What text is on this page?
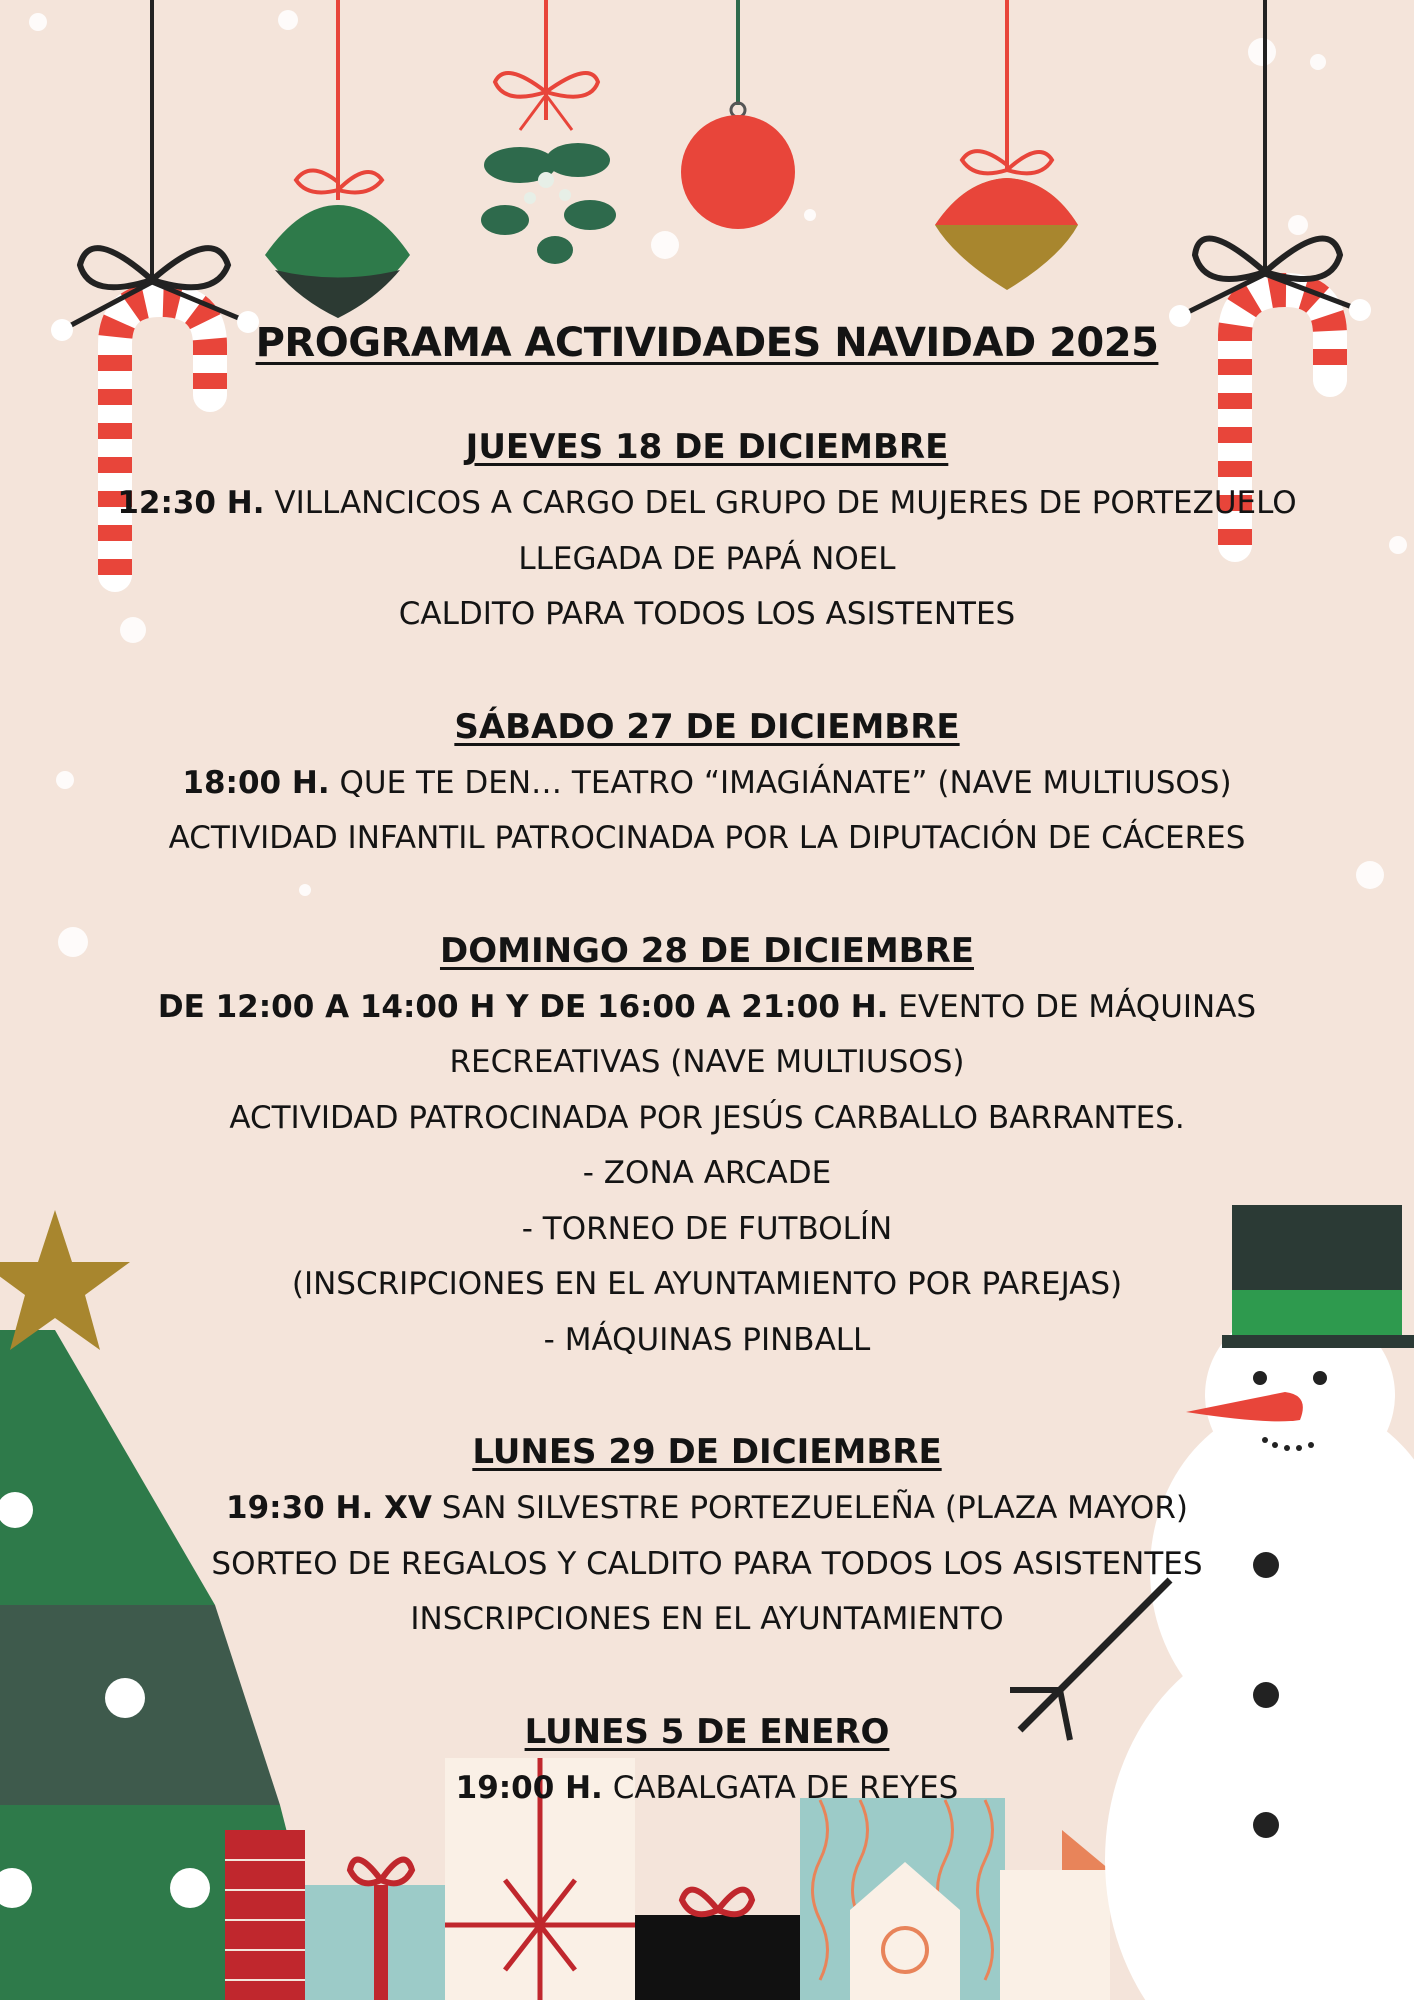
PROGRAMA ACTIVIDADES NAVIDAD 2025
JUEVES 18 DE DICIEMBRE
12:30 H. VILLANCICOS A CARGO DEL GRUPO DE MUJERES DE PORTEZUELO
LLEGADA DE PAPÁ NOEL
CALDITO PARA TODOS LOS ASISTENTES
SÁBADO 27 DE DICIEMBRE
18:00 H. QUE TE DEN… TEATRO “IMAGIÁNATE” (NAVE MULTIUSOS)
ACTIVIDAD INFANTIL PATROCINADA POR LA DIPUTACIÓN DE CÁCERES
DOMINGO 28 DE DICIEMBRE
DE 12:00 A 14:00 H Y DE 16:00 A 21:00 H. EVENTO DE MÁQUINAS
RECREATIVAS (NAVE MULTIUSOS)
ACTIVIDAD PATROCINADA POR JESÚS CARBALLO BARRANTES.
- ZONA ARCADE
- TORNEO DE FUTBOLÍN
(INSCRIPCIONES EN EL AYUNTAMIENTO POR PAREJAS)
- MÁQUINAS PINBALL
LUNES 29 DE DICIEMBRE
19:30 H. XV SAN SILVESTRE PORTEZUELEÑA (PLAZA MAYOR)
SORTEO DE REGALOS Y CALDITO PARA TODOS LOS ASISTENTES
INSCRIPCIONES EN EL AYUNTAMIENTO
LUNES 5 DE ENERO
19:00 H. CABALGATA DE REYES
